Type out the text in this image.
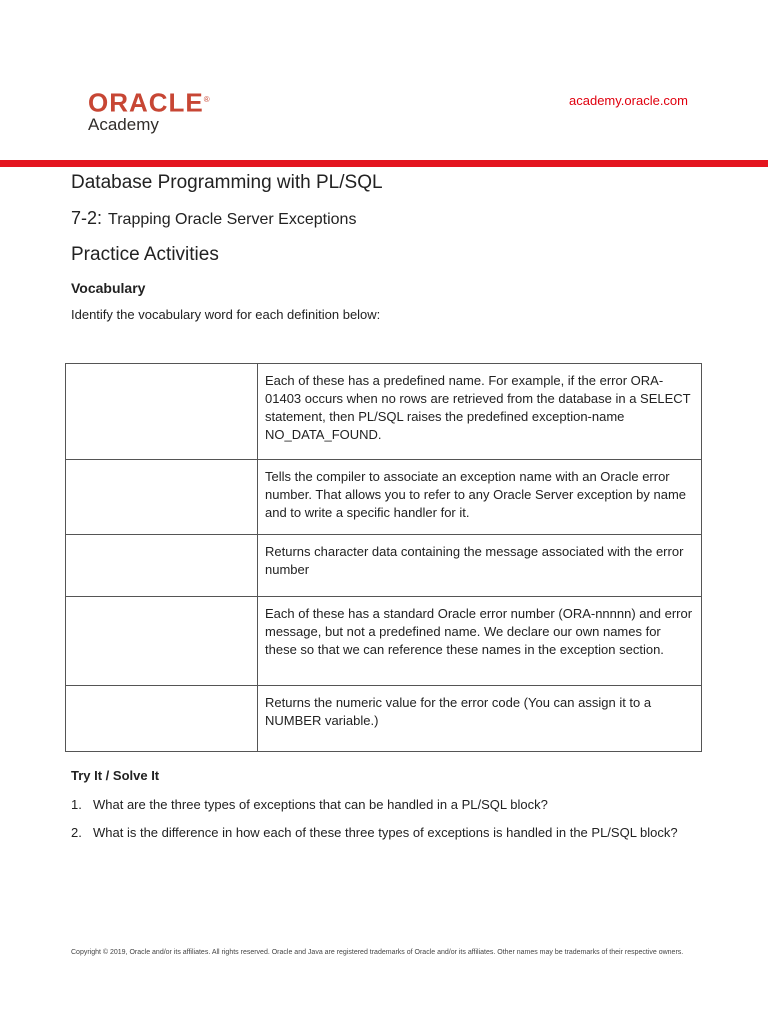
ORACLE®
Academy
academy.oracle.com
Database Programming with PL/SQL
7-2: Trapping Oracle Server Exceptions
Practice Activities
Vocabulary
Identify the vocabulary word for each definition below:
	Each of these has a predefined name. For example, if the error ORA-01403 occurs when no rows are retrieved from the database in a SELECT statement, then PL/SQL raises the predefined exception-name NO_DATA_FOUND.
	Tells the compiler to associate an exception name with an Oracle error number. That allows you to refer to any Oracle Server exception by name and to write a specific handler for it.
	Returns character data containing the message associated with the error number
	Each of these has a standard Oracle error number (ORA-nnnnn) and error message, but not a predefined name. We declare our own names for these so that we can reference these names in the exception section.
	Returns the numeric value for the error code (You can assign it to a NUMBER variable.)
Try It / Solve It
1. What are the three types of exceptions that can be handled in a PL/SQL block?
2. What is the difference in how each of these three types of exceptions is handled in the PL/SQL block?
Copyright © 2019, Oracle and/or its affiliates. All rights reserved. Oracle and Java are registered trademarks of Oracle and/or its affiliates. Other names may be trademarks of their respective owners.
